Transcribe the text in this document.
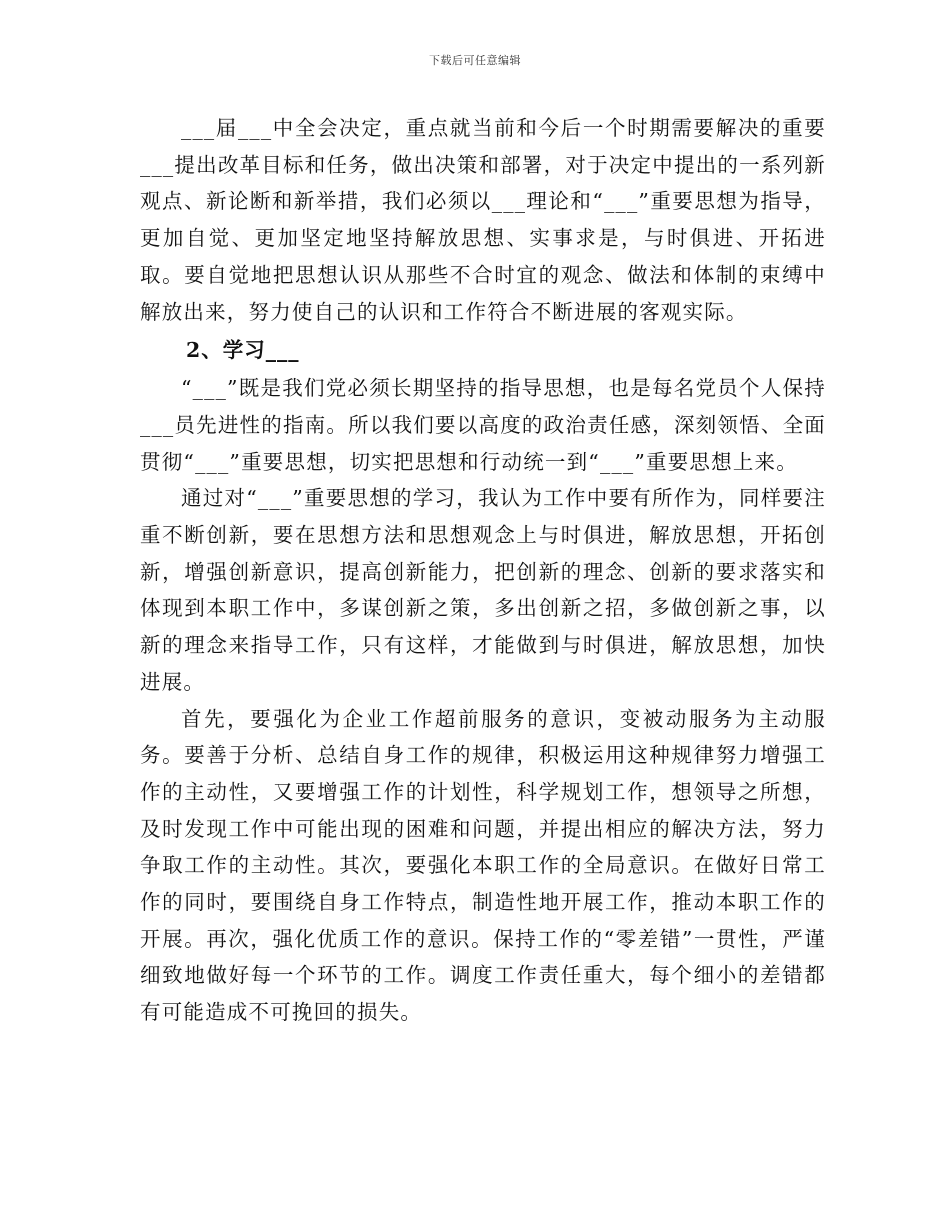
下载后可任意编辑

___届___中全会决定，重点就当前和今后一个时期需要解决的重要___提出改革目标和任务，做出决策和部署，对于决定中提出的一系列新观点、新论断和新举措，我们必须以___理论和“___”重要思想为指导，更加自觉、更加坚定地坚持解放思想、实事求是，与时俱进、开拓进取。要自觉地把思想认识从那些不合时宜的观念、做法和体制的束缚中解放出来，努力使自己的认识和工作符合不断进展的客观实际。

2、学习___

“___”既是我们党必须长期坚持的指导思想，也是每名党员个人保持___员先进性的指南。所以我们要以高度的政治责任感，深刻领悟、全面贯彻“___”重要思想，切实把思想和行动统一到“___”重要思想上来。

通过对“___”重要思想的学习，我认为工作中要有所作为，同样要注重不断创新，要在思想方法和思想观念上与时俱进，解放思想，开拓创新，增强创新意识，提高创新能力，把创新的理念、创新的要求落实和体现到本职工作中，多谋创新之策，多出创新之招，多做创新之事，以新的理念来指导工作，只有这样，才能做到与时俱进，解放思想，加快进展。

首先，要强化为企业工作超前服务的意识，变被动服务为主动服务。要善于分析、总结自身工作的规律，积极运用这种规律努力增强工作的主动性，又要增强工作的计划性，科学规划工作，想领导之所想，及时发现工作中可能出现的困难和问题，并提出相应的解决方法，努力争取工作的主动性。其次，要强化本职工作的全局意识。在做好日常工作的同时，要围绕自身工作特点，制造性地开展工作，推动本职工作的开展。再次，强化优质工作的意识。保持工作的“零差错”一贯性，严谨细致地做好每一个环节的工作。调度工作责任重大，每个细小的差错都有可能造成不可挽回的损失。
